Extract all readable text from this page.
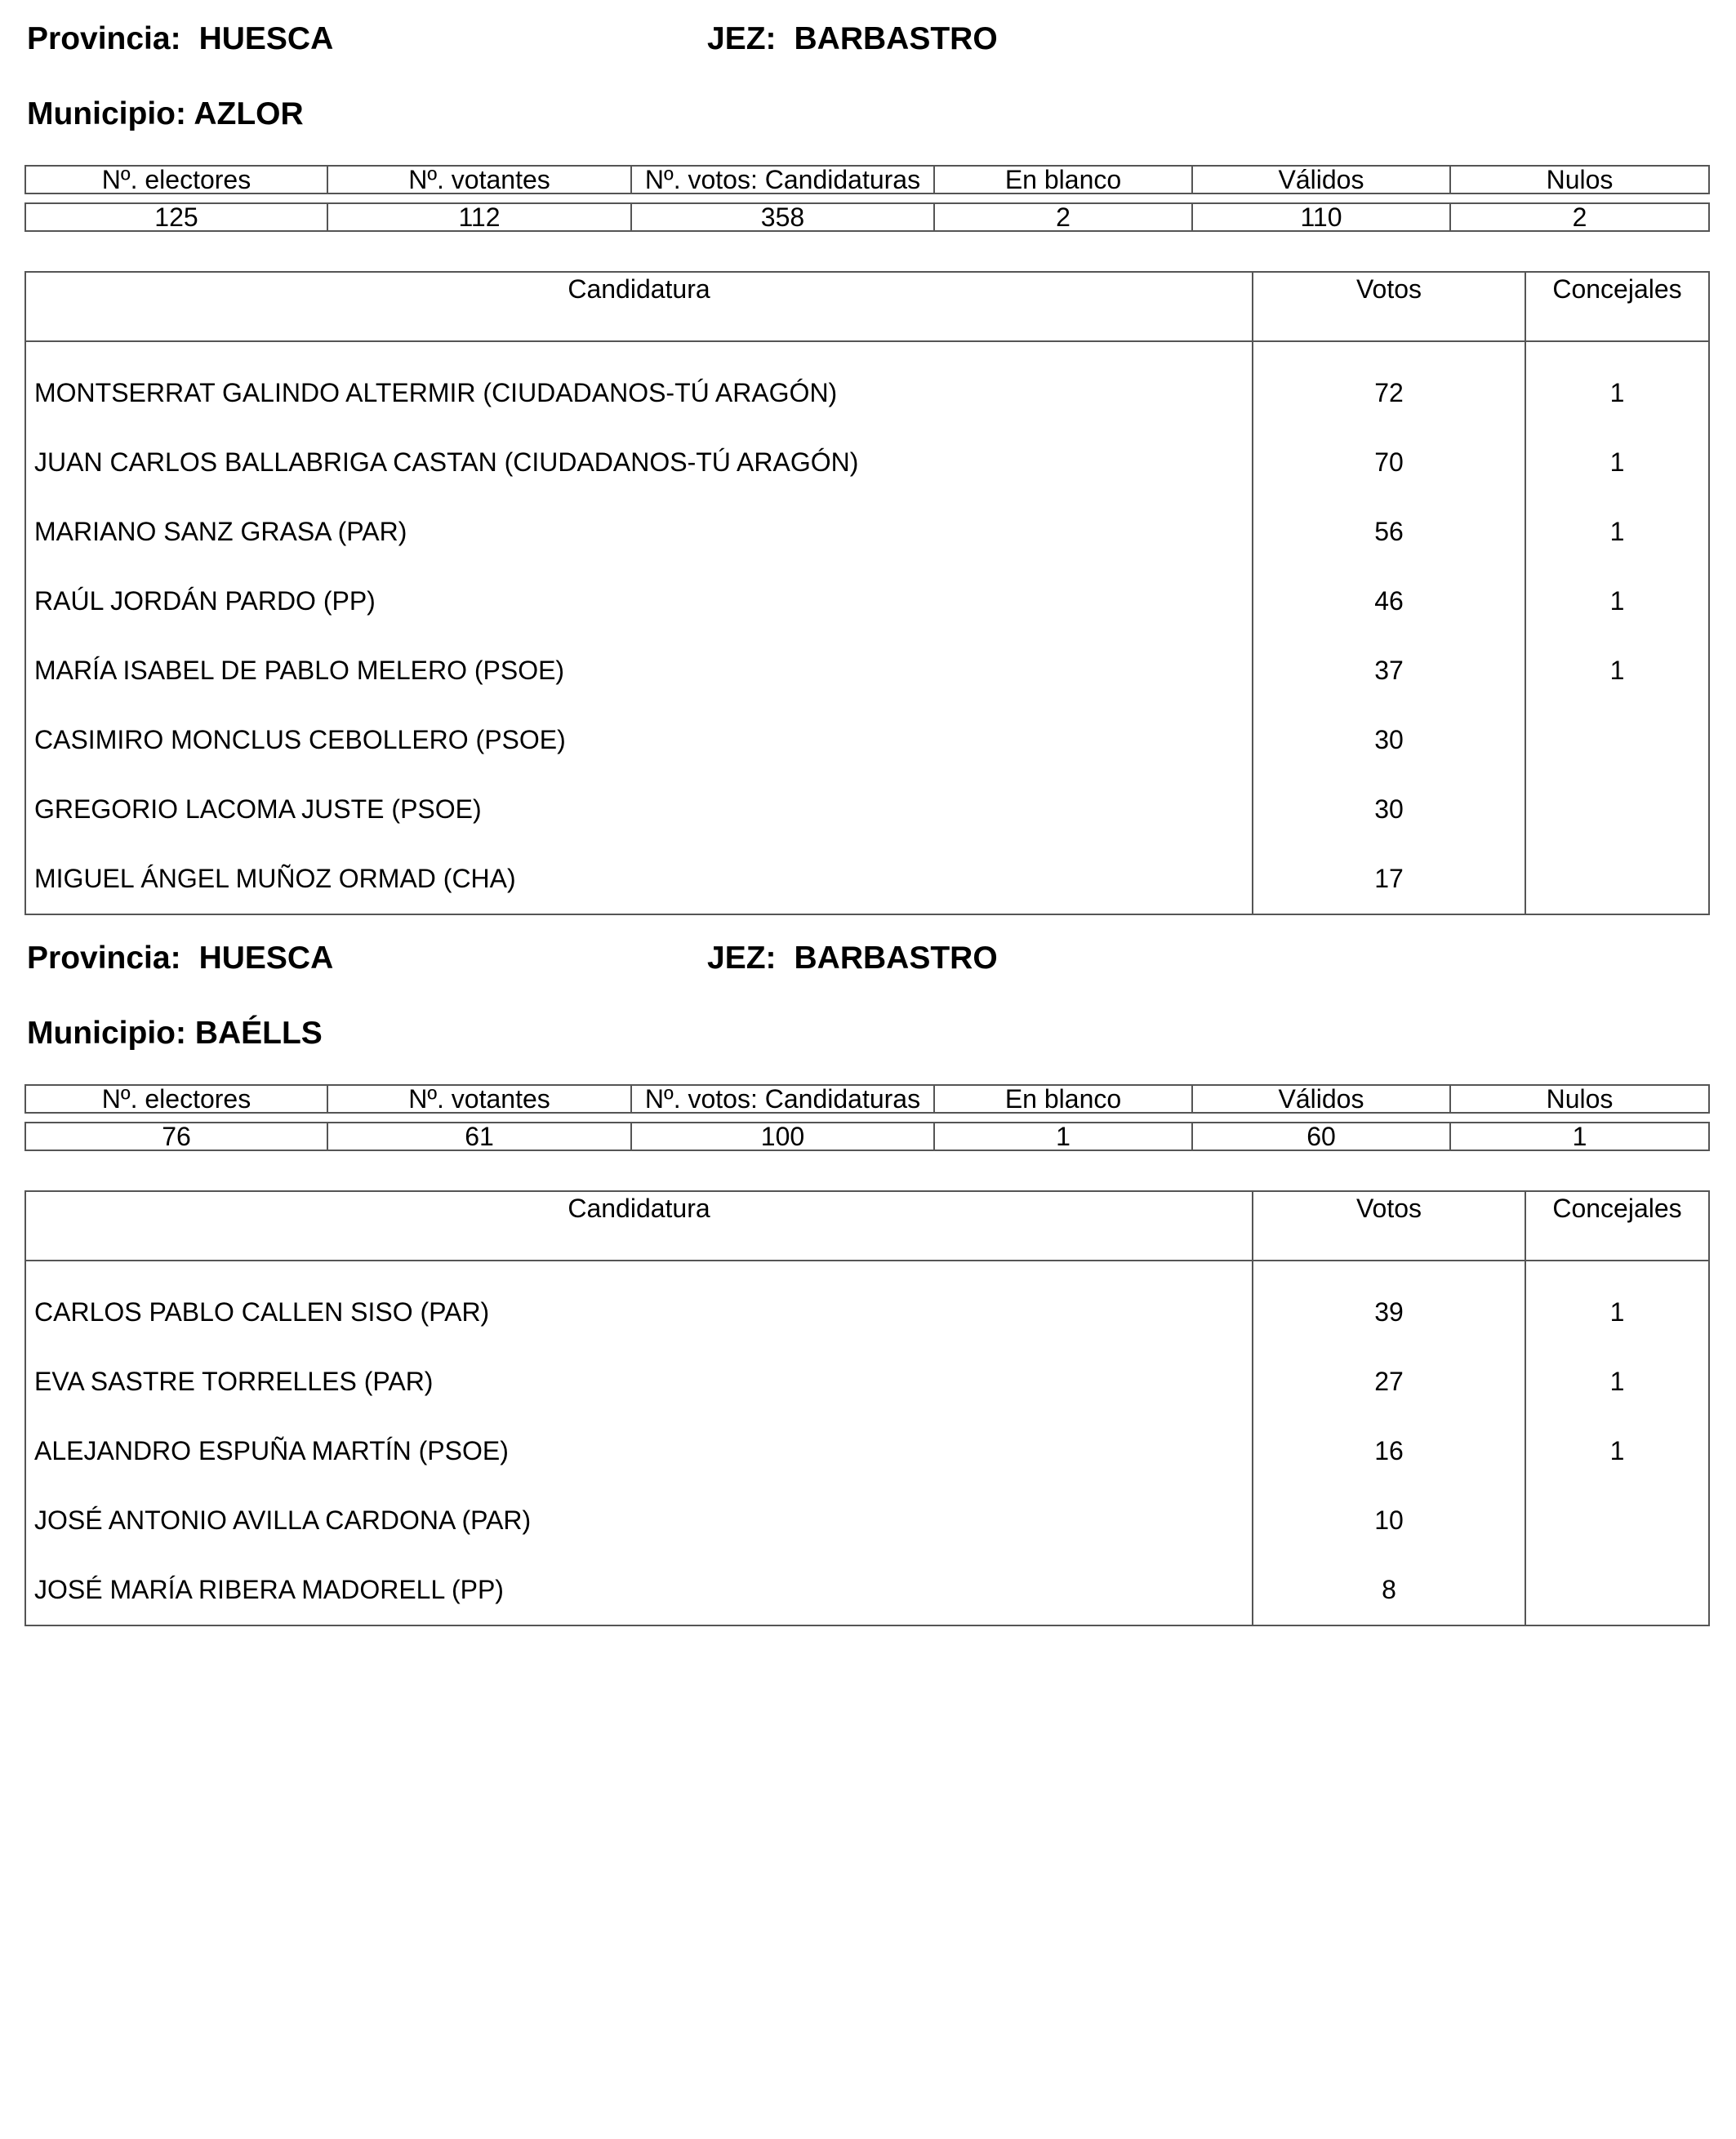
Provincia: HUESCA	JEZ: BARBASTRO
Municipio: AZLOR
Nº. electores	Nº. votantes	Nº. votos: Candidaturas	En blanco	Válidos	Nulos

125	112	358	2	110	2
Candidatura	Votos	Concejales

MONTSERRAT GALINDO ALTERMIR (CIUDADANOS-TÚ ARAGÓN)	72	1
JUAN CARLOS BALLABRIGA CASTAN (CIUDADANOS-TÚ ARAGÓN)	70	1
MARIANO SANZ GRASA (PAR)	56	1
RAÚL JORDÁN PARDO (PP)	46	1
MARÍA ISABEL DE PABLO MELERO (PSOE)	37	1
CASIMIRO MONCLUS CEBOLLERO (PSOE)	30	
GREGORIO LACOMA JUSTE (PSOE)	30	
MIGUEL ÁNGEL MUÑOZ ORMAD (CHA)	17	
Provincia: HUESCA	JEZ: BARBASTRO
Municipio: BAÉLLS
Nº. electores	Nº. votantes	Nº. votos: Candidaturas	En blanco	Válidos	Nulos

76	61	100	1	60	1
Candidatura	Votos	Concejales

CARLOS PABLO CALLEN SISO (PAR)	39	1
EVA SASTRE TORRELLES (PAR)	27	1
ALEJANDRO ESPUÑA MARTÍN (PSOE)	16	1
JOSÉ ANTONIO AVILLA CARDONA (PAR)	10	
JOSÉ MARÍA RIBERA MADORELL (PP)	8	
